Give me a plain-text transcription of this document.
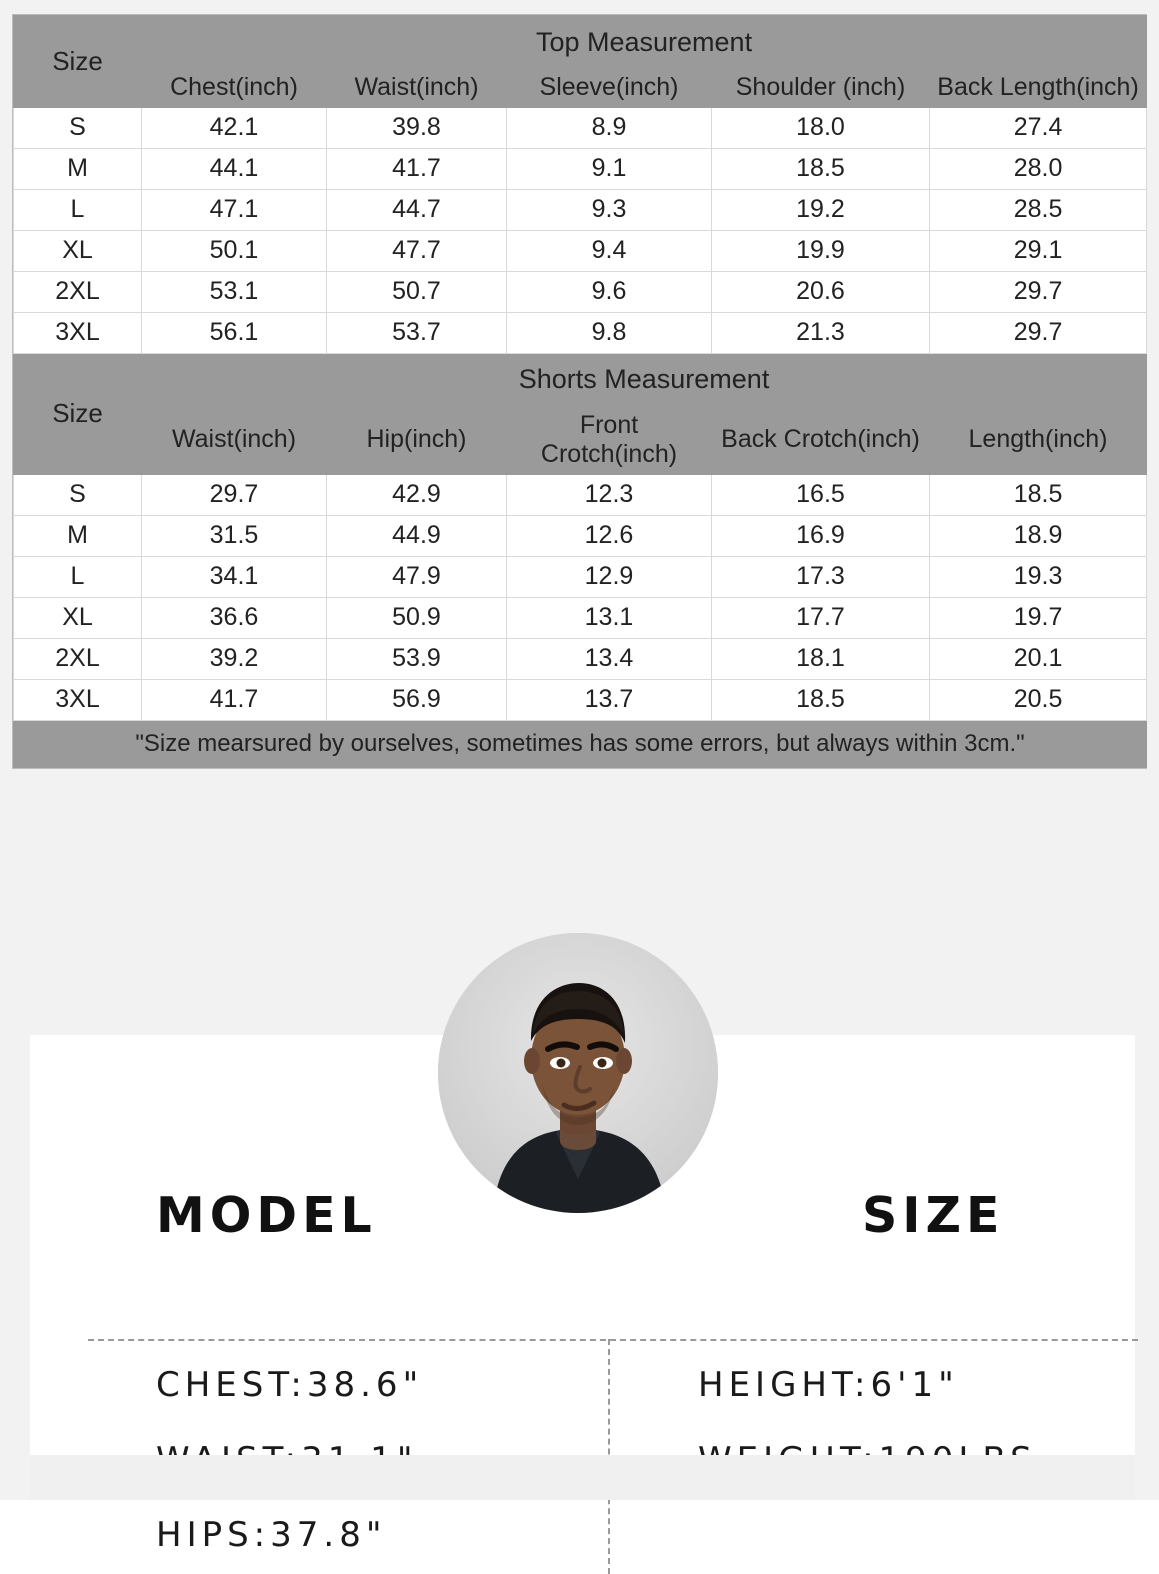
Size	Top Measurement				
	Chest(inch)	Waist(inch)	Sleeve(inch)	Shoulder (inch)	Back Length(inch)
S	42.1	39.8	8.9	18.0	27.4
M	44.1	41.7	9.1	18.5	28.0
L	47.1	44.7	9.3	19.2	28.5
XL	50.1	47.7	9.4	19.9	29.1
2XL	53.1	50.7	9.6	20.6	29.7
3XL	56.1	53.7	9.8	21.3	29.7
Size	Shorts Measurement				
	Waist(inch)	Hip(inch)	Front Crotch(inch)	Back Crotch(inch)	Length(inch)
S	29.7	42.9	12.3	16.5	18.5
M	31.5	44.9	12.6	16.9	18.9
L	34.1	47.9	12.9	17.3	19.3
XL	36.6	50.9	13.1	17.7	19.7
2XL	39.2	53.9	13.4	18.1	20.1
3XL	41.7	56.9	13.7	18.5	20.5
"Size mearsured by ourselves, sometimes has some errors, but always within 3cm."					
MODEL	SIZE
CHEST:38.6"
HIPS:37.8"
HEIGHT:6'1"
